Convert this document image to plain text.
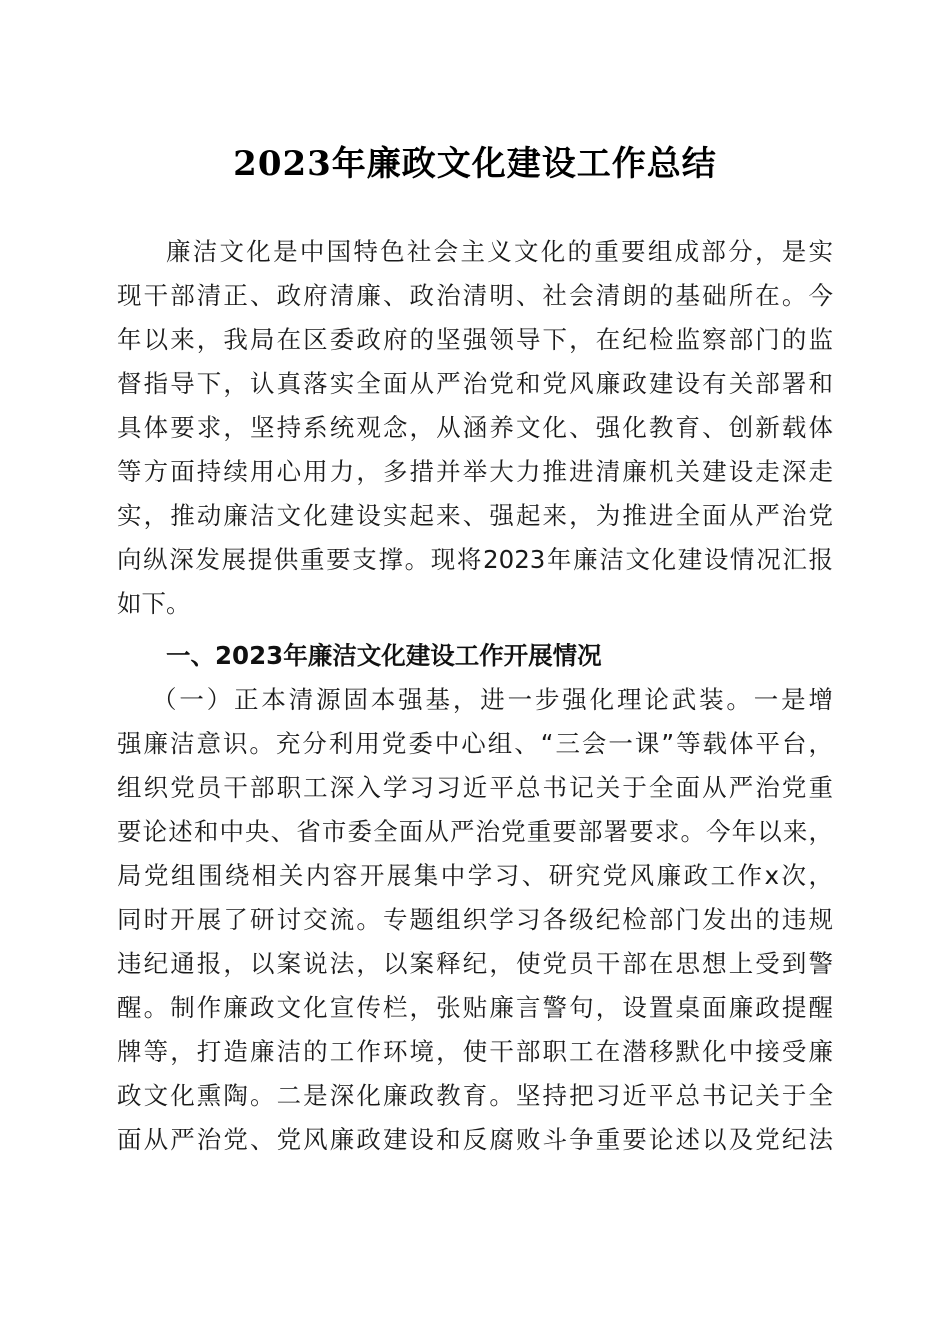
2023年廉政文化建设工作总结
廉洁文化是中国特色社会主义文化的重要组成部分，是实
现干部清正、政府清廉、政治清明、社会清朗的基础所在。今
年以来，我局在区委政府的坚强领导下，在纪检监察部门的监
督指导下，认真落实全面从严治党和党风廉政建设有关部署和
具体要求，坚持系统观念，从涵养文化、强化教育、创新载体
等方面持续用心用力，多措并举大力推进清廉机关建设走深走
实，推动廉洁文化建设实起来、强起来，为推进全面从严治党
向纵深发展提供重要支撑。现将2023年廉洁文化建设情况汇报
如下。
一、2023年廉洁文化建设工作开展情况
（一）正本清源固本强基，进一步强化理论武装。一是增
强廉洁意识。充分利用党委中心组、“三会一课”等载体平台，
组织党员干部职工深入学习习近平总书记关于全面从严治党重
要论述和中央、省市委全面从严治党重要部署要求。今年以来，
局党组围绕相关内容开展集中学习、研究党风廉政工作x次，
同时开展了研讨交流。专题组织学习各级纪检部门发出的违规
违纪通报，以案说法，以案释纪，使党员干部在思想上受到警
醒。制作廉政文化宣传栏，张贴廉言警句，设置桌面廉政提醒
牌等，打造廉洁的工作环境，使干部职工在潜移默化中接受廉
政文化熏陶。二是深化廉政教育。坚持把习近平总书记关于全
面从严治党、党风廉政建设和反腐败斗争重要论述以及党纪法
